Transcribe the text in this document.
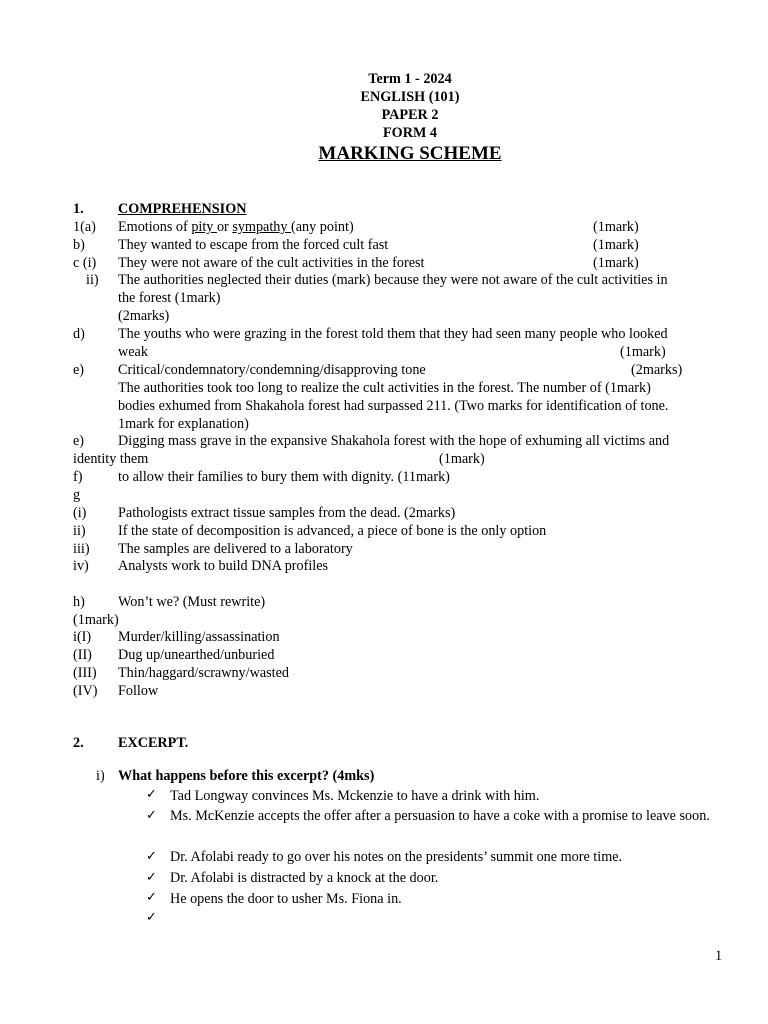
Term 1 - 2024
ENGLISH (101)
PAPER 2
FORM 4
MARKING SCHEME
1. COMPREHENSION
1(a) Emotions of pity or sympathy (any point)	(1mark)
b) They wanted to escape from the forced cult fast	(1mark)
c (i) They were not aware of the cult activities in the forest	(1mark)
ii) The authorities neglected their duties (mark) because they were not aware of the cult activities in
the forest (1mark)
(2marks)
d) The youths who were grazing in the forest told them that they had seen many people who looked
weak	(1mark)
e) Critical/condemnatory/condemning/disapproving tone	(2marks)
The authorities took too long to realize the cult activities in the forest. The number of (1mark)
bodies exhumed from Shakahola forest had surpassed 211. (Two marks for identification of tone.
1mark for explanation)
e) Digging mass grave in the expansive Shakahola forest with the hope of exhuming all victims and
identity them	(1mark)
f)	to allow their families to bury them with dignity. (11mark)
g
(i) Pathologists extract tissue samples from the dead. (2marks)
ii) If the state of decomposition is advanced, a piece of bone is the only option
iii) The samples are delivered to a laboratory
iv) Analysts work to build DNA profiles
h) Won’t we? (Must rewrite)
(1mark)
i(I) Murder/killing/assassination
(II) Dug up/unearthed/unburied
(III) Thin/haggard/scrawny/wasted
(IV) Follow
2. EXCERPT.
i) What happens before this excerpt? (4mks)
✓ Tad Longway convinces Ms. Mckenzie to have a drink with him.
✓ Ms. McKenzie accepts the offer after a persuasion to have a coke with a promise to leave soon.
✓ Dr. Afolabi ready to go over his notes on the presidents’ summit one more time.
✓ Dr. Afolabi is distracted by a knock at the door.
✓ He opens the door to usher Ms. Fiona in.
✓
1
